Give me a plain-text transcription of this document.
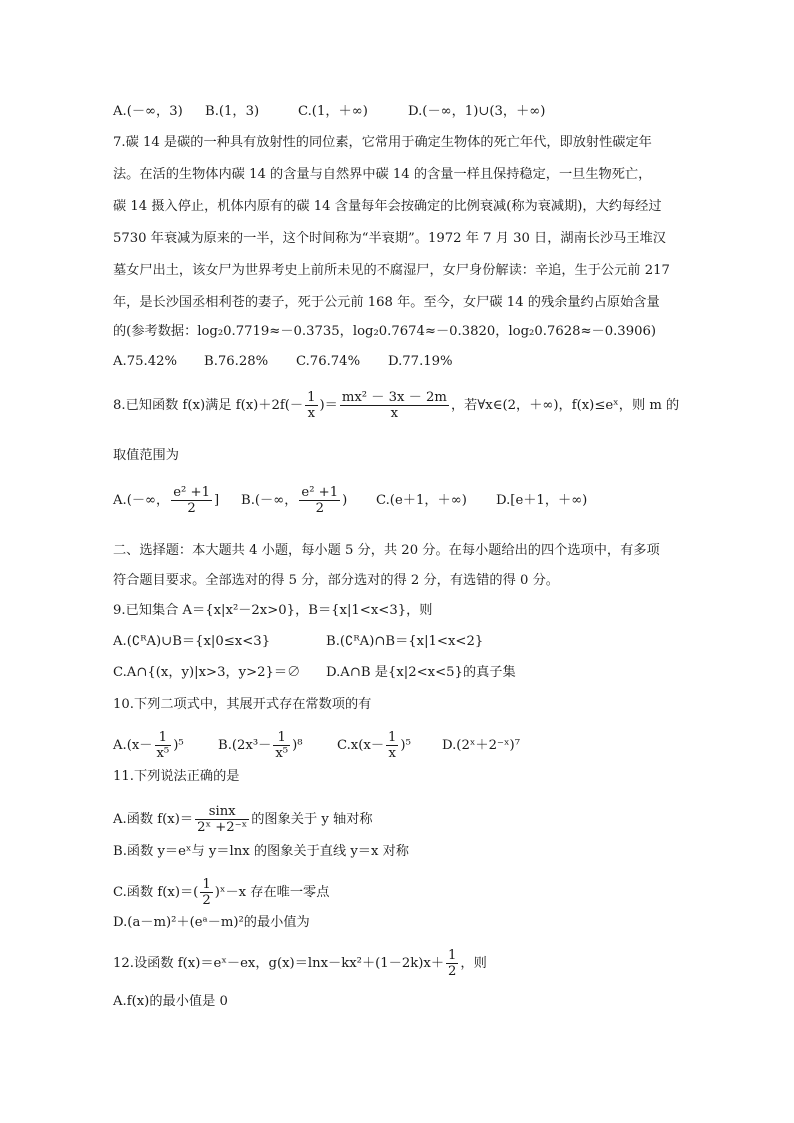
A.(－∞，3) B.(1，3)	C.(1，＋∞)	D.(－∞，1)∪(3，＋∞)
7.碳 14 是碳的一种具有放射性的同位素，它常用于确定生物体的死亡年代，即放射性碳定年
法。在活的生物体内碳 14 的含量与自然界中碳 14 的含量一样且保持稳定，一旦生物死亡，
碳 14 摄入停止，机体内原有的碳 14 含量每年会按确定的比例衰减(称为衰减期)，大约每经过
5730 年衰减为原来的一半，这个时间称为“半衰期”。1972 年 7 月 30 日，湖南长沙马王堆汉
墓女尸出土，该女尸为世界考史上前所未见的不腐湿尸，女尸身份解读：辛追，生于公元前 217
年，是长沙国丞相利苍的妻子，死于公元前 168 年。至今，女尸碳 14 的残余量约占原始含量
的(参考数据：log₂0.7719≈－0.3735，log₂0.7674≈－0.3820，log₂0.7628≈－0.3906)
A.75.42% B.76.28% C.76.74% D.77.19%
8.已知函数 f(x)满足 $f(x)+2f(- \frac{1}{x}$ )＝ $\frac{\text{mx² － 3x － 2m}}{x}$ ，若∀x∈(2，＋∞)，f(x)≤eˣ，则 m 的
取值范围为
A.(－∞， $\frac{\text{e² +1}}{2}$ ] B.(－∞， $\frac{\text{e² +1}}{2}$ ) C.(e＋1，＋∞) D.[e＋1，＋∞)
二、选择题：本大题共 4 小题，每小题 5 分，共 20 分。在每小题给出的四个选项中，有多项
符合题目要求。全部选对的得 5 分，部分选对的得 2 分，有选错的得 0 分。
9.已知集合 A＝{x|x²－2x>0}，B＝{x|1<x<3}，则
A.(∁ᴿA)∪B＝{x|0≤x<3}	B.(∁ᴿA)∩B＝{x|1<x<2}
C.A∩{(x，y)|x>3，y>2}＝∅ D.A∩B 是{x|2<x<5}的真子集
10.下列二项式中，其展开式存在常数项的有
$A.(x- \frac{1}{\text{x⁵}} )^5$	$B.(2x^3- \frac{1}{\text{x⁵}} )^8$	$C.x(x- \frac{1}{x} )^5$ D.(2ˣ＋2⁻ˣ)⁷
11.下列说法正确的是
A.函数 $f(x)= \frac{\sin x}{\text{2ˣ +2⁻ˣ}}$ 的图象关于 y 轴对称
B.函数 y＝eˣ与 y＝lnx 的图象关于直线 y＝x 对称
C.函数 $f(x)=( \frac{1}{2}$ )ˣ－x 存在唯一零点
D.(a－m)²＋(eᵃ－m)²的最小值为
12.设函数 f(x)＝eˣ－ex，$g(x)=\ln x-kx^2+(1-2k)x+ \frac{1}{2}$ ，则
A.f(x)的最小值是 0
